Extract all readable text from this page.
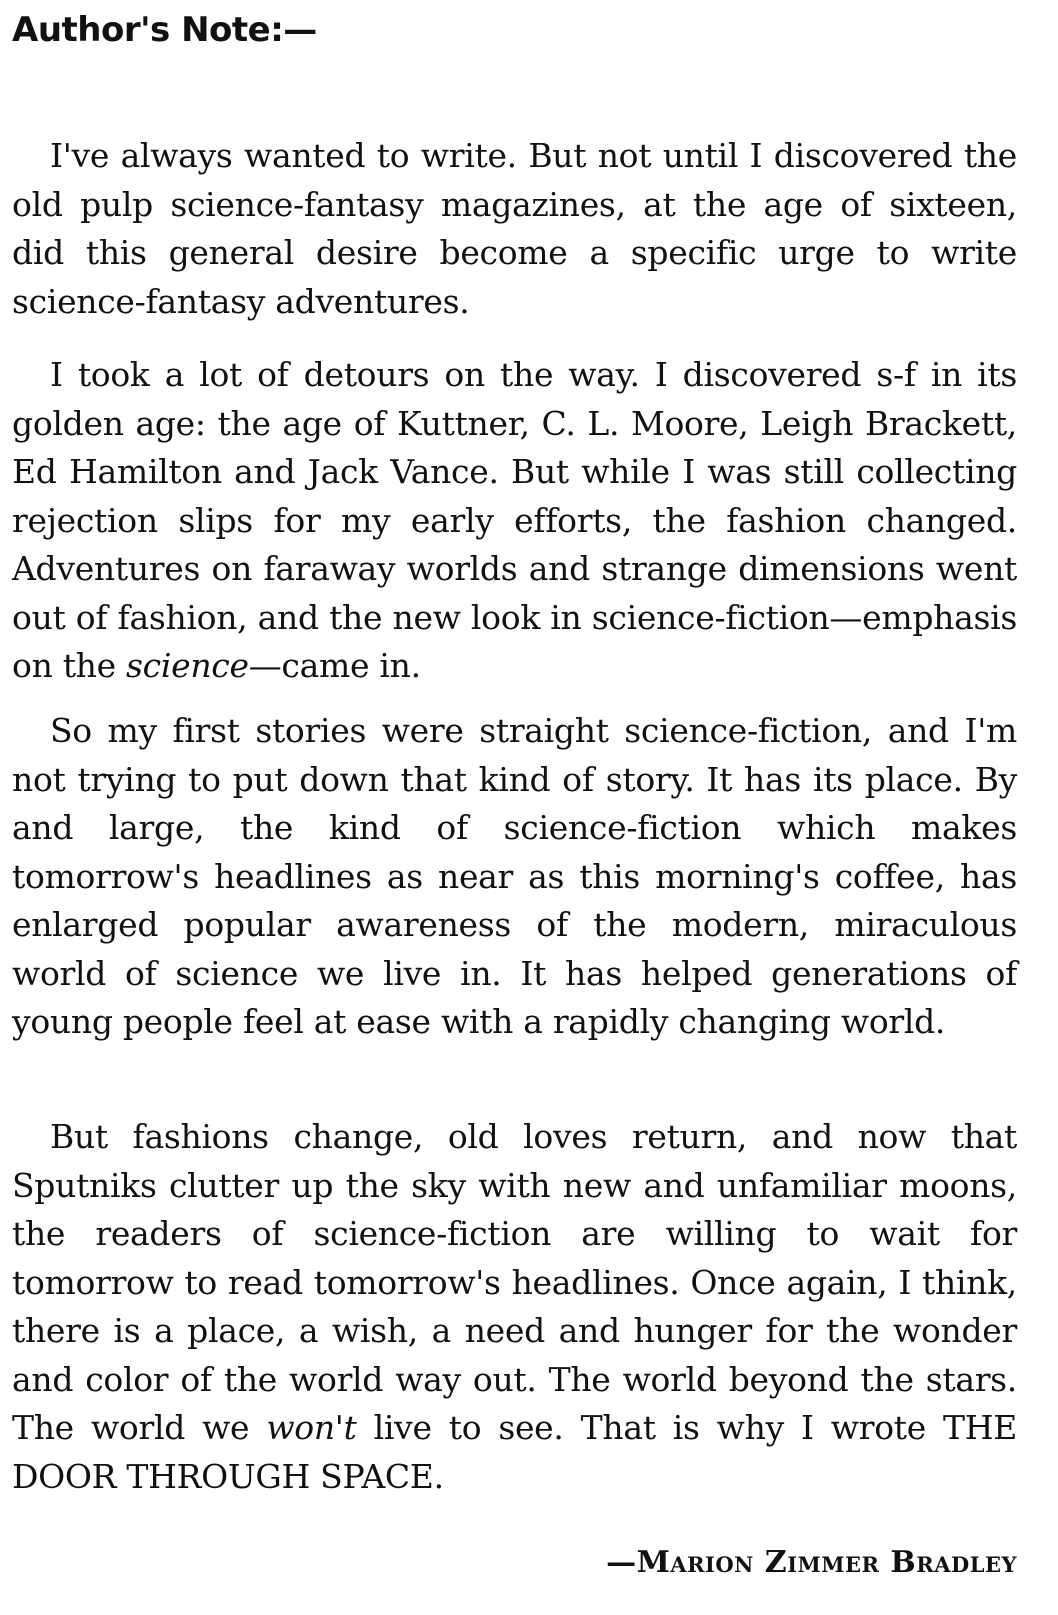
Author's Note:—

I've always wanted to write. But not until I discovered the old pulp science-fantasy magazines, at the age of sixteen, did this general desire become a specific urge to write science-fantasy adventures.

I took a lot of detours on the way. I discovered s-f in its golden age: the age of Kuttner, C. L. Moore, Leigh Brackett, Ed Hamilton and Jack Vance. But while I was still collecting rejection slips for my early efforts, the fashion changed. Adventures on faraway worlds and strange dimensions went out of fashion, and the new look in science-fiction—emphasis on the science—came in.

So my first stories were straight science-fiction, and I'm not trying to put down that kind of story. It has its place. By and large, the kind of science-fiction which makes tomorrow's headlines as near as this morning's coffee, has enlarged popular awareness of the modern, miraculous world of science we live in. It has helped generations of young people feel at ease with a rapidly changing world.

But fashions change, old loves return, and now that Sputniks clutter up the sky with new and unfamiliar moons, the readers of science-fiction are willing to wait for tomorrow to read tomorrow's headlines. Once again, I think, there is a place, a wish, a need and hunger for the wonder and color of the world way out. The world beyond the stars. The world we won't live to see. That is why I wrote THE DOOR THROUGH SPACE.

—Marion Zimmer Bradley
